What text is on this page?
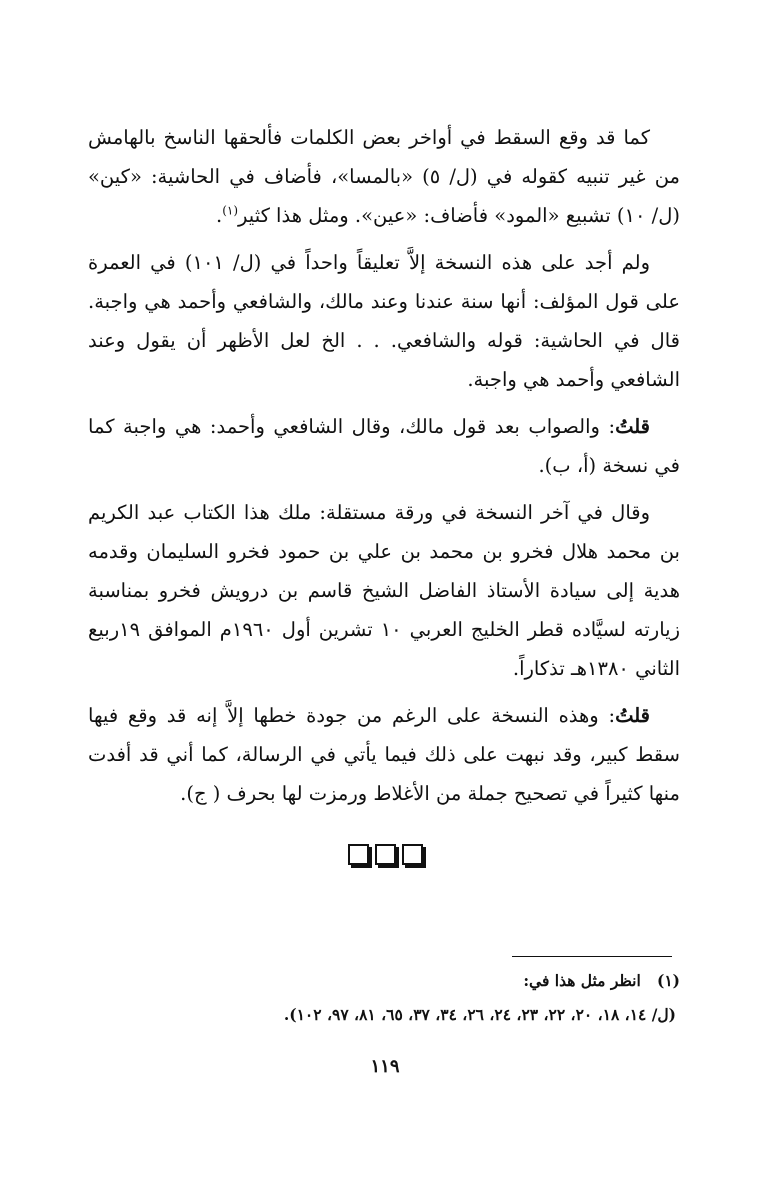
كما قد وقع السقط في أواخر بعض الكلمات فألحقها الناسخ بالهامش من غير تنبيه كقوله في (ل/ ٥) «بالمسا»، فأضاف في الحاشية: «كين» (ل/ ١٠) تشبيع «المود» فأضاف: «عين». ومثل هذا كثير$^{(١)}$.

ولم أجد على هذه النسخة إلاَّ تعليقاً واحداً في (ل/ ١٠١) في العمرة على قول المؤلف: أنها سنة عندنا وعند مالك، والشافعي وأحمد هي واجبة. قال في الحاشية: قوله والشافعي. . . الخ لعل الأظهر أن يقول وعند الشافعي وأحمد هي واجبة.

قلتُ: والصواب بعد قول مالك، وقال الشافعي وأحمد: هي واجبة كما في نسخة (أ، ب).

وقال في آخر النسخة في ورقة مستقلة: ملك هذا الكتاب عبد الكريم بن محمد هلال فخرو بن محمد بن علي بن حمود فخرو السليمان وقدمه هدية إلى سيادة الأستاذ الفاضل الشيخ قاسم بن درويش فخرو بمناسبة زيارته لسيَّاده قطر الخليج العربي ١٠ تشرين أول ١٩٦٠م الموافق ١٩ربيع الثاني ١٣٨٠هـ تذكاراً.

قلتُ: وهذه النسخة على الرغم من جودة خطها إلاَّ إنه قد وقع فيها سقط كبير، وقد نبهت على ذلك فيما يأتي في الرسالة، كما أني قد أفدت منها كثيراً في تصحيح جملة من الأغلاط ورمزت لها بحرف ( ج).

(١)   انظر مثل هذا في:

(ل/ ١٤، ١٨، ٢٠، ٢٢، ٢٣، ٢٤، ٢٦، ٣٤، ٣٧، ٦٥، ٨١، ٩٧، ١٠٢).

١١٩
